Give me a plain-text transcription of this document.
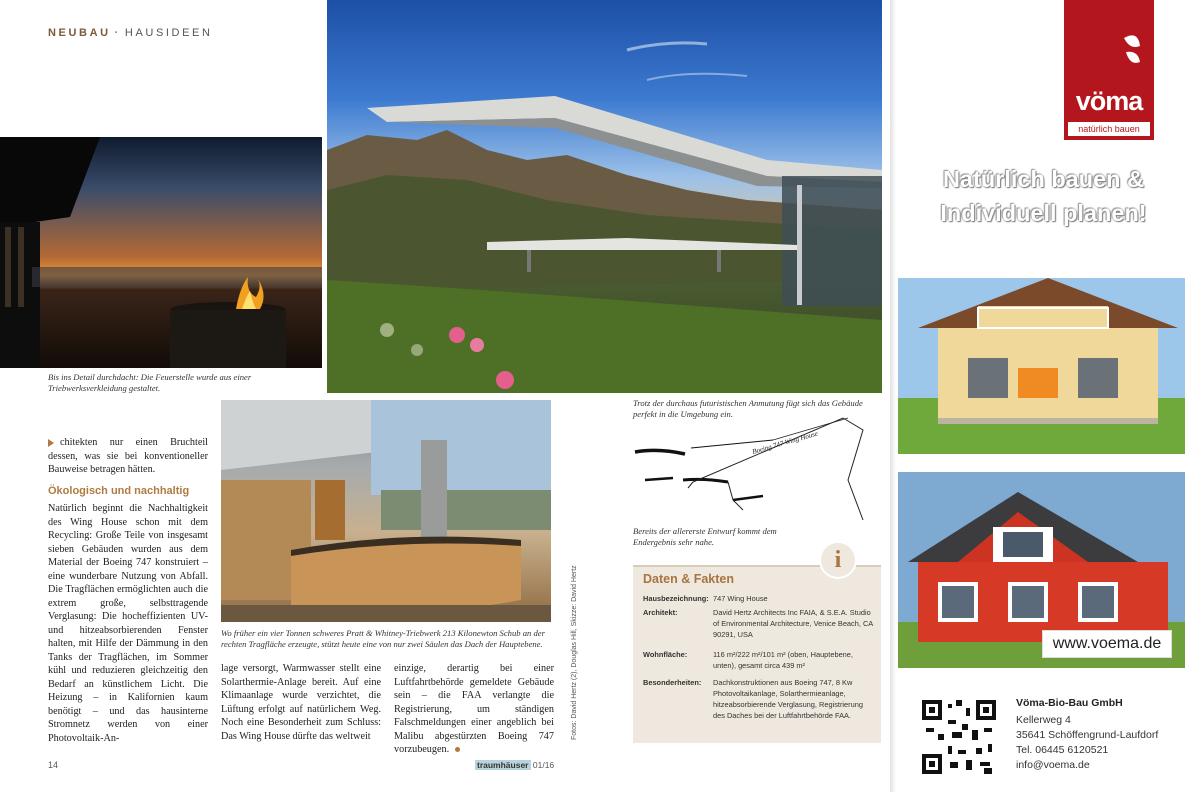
NEUBAU · HAUSIDEEN
Bis ins Detail durchdacht: Die Feuerstelle wurde aus einer Triebwerksverkleidung gestaltet.
Wo früher ein vier Tonnen schweres Pratt & Whitney-Triebwerk 213 Kilonewton Schub an der rechten Tragfläche erzeugte, stützt heute eine von nur zwei Säulen das Dach der Hauptebene.
Trotz der durchaus futuristischen Anmutung fügt sich das Gebäude perfekt in die Umgebung ein.
Boeing 747 Wing House
Bereits der allererste Entwurf kommt dem Endergebnis sehr nahe.

chitekten nur einen Bruchteil dessen, was sie bei konventioneller Bauweise betragen hätten.

Ökologisch und nachhaltig

Natürlich beginnt die Nachhaltigkeit des Wing House schon mit dem Recycling: Große Teile von insgesamt sieben Gebäuden wurden aus dem Material der Boeing 747 konstruiert – eine wunderbare Nutzung von Abfall. Die Tragflächen ermöglichten auch die extrem große, selbsttragende Verglasung: Die hocheffizienten UV- und hitzeabsorbierenden Fenster halten, mit Hilfe der Dämmung in den Tanks der Tragflächen, im Sommer kühl und reduzieren gleichzeitig den Bedarf an künstlichem Licht. Die Heizung – in Kalifornien kaum benötigt – und das hausinterne Stromnetz werden von einer Photovoltaik-An-

lage versorgt, Warmwasser stellt eine Solarthermie-Anlage bereit. Auf eine Klimaanlage wurde verzichtet, die Lüftung erfolgt auf natürlichem Weg. Noch eine Besonderheit zum Schluss: Das Wing House dürfte das weltweit

einzige, derartig bei einer Luftfahrtbehörde gemeldete Gebäude sein – die FAA verlangte die Registrierung, um ständigen Falschmeldungen einer angeblich bei Malibu abgestürzten Boeing 747 vorzubeugen.

Fotos: David Hertz (2), Douglas Hill, Skizze: David Hertz
i
Daten & Fakten
Hausbezeichnung: 747 Wing House
Architekt:	David Hertz Architects Inc FAIA, & S.E.A. Studio of Environmental Architecture, Venice Beach, CA 90291, USA
Wohnfläche:	116 m²/222 m²/101 m² (oben, Hauptebene, unten), gesamt circa 439 m²
Besonderheiten: Dachkonstruktionen aus Boeing 747, 8 Kw Photovoltaikanlage, Solarthermieanlage, hitzeabsorbierende Verglasung, Registrierung des Daches bei der Luftfahrtbehörde FAA.
14	traumhäuser 01/16
vöma
natürlich bauen
Natürlich bauen &
Individuell planen!
www.voema.de
Vöma-Bio-Bau GmbH
Kellerweg 4
35641 Schöffengrund-Laufdorf
Tel. 06445 6120521
info@voema.de
